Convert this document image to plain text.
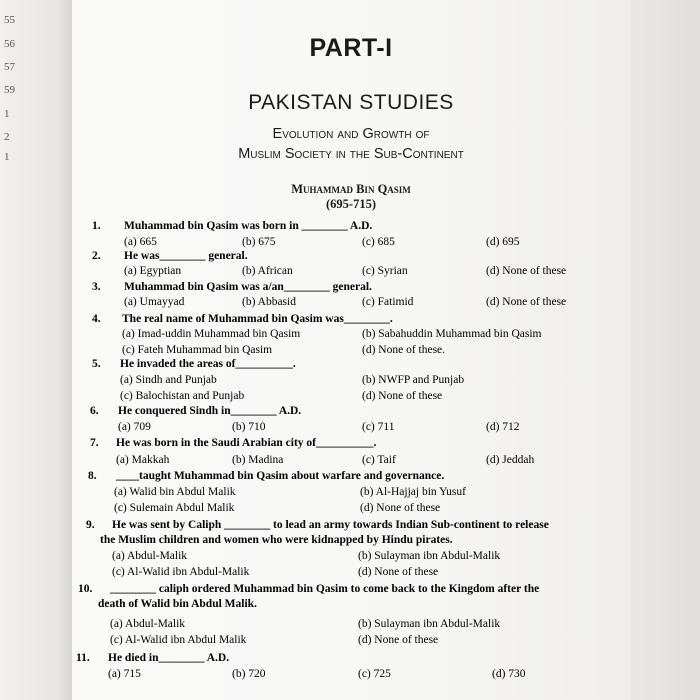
55
56
57
59
1
2
1
PART-I
PAKISTAN STUDIES
Evolution and Growth of
Muslim Society in the Sub-Continent
Muhammad Bin Qasim
(695-715)
1. Muhammad bin Qasim was born in ________ A.D.
(a) 665	(b) 675	(c) 685	(d) 695
2. He was________ general.
(a) Egyptian	(b) African	(c) Syrian	(d) None of these
3. Muhammad bin Qasim was a/an________ general.
(a) Umayyad	(b) Abbasid	(c) Fatimid	(d) None of these
4. The real name of Muhammad bin Qasim was________.
(a) Imad-uddin Muhammad bin Qasim	(b) Sabahuddin Muhammad bin Qasim
(c) Fateh Muhammad bin Qasim	(d) None of these.
5. He invaded the areas of__________.
(a) Sindh and Punjab	(b) NWFP and Punjab
(c) Balochistan and Punjab	(d) None of these
6. He conquered Sindh in________ A.D.
(a) 709	(b) 710	(c) 711	(d) 712
7. He was born in the Saudi Arabian city of__________.
(a) Makkah	(b) Madina	(c) Taif	(d) Jeddah
8. ____taught Muhammad bin Qasim about warfare and governance.
(a) Walid bin Abdul Malik	(b) Al-Hajjaj bin Yusuf
(c) Sulemain Abdul Malik	(d) None of these
9. He was sent by Caliph ________ to lead an army towards Indian Sub-continent to release
the Muslim children and women who were kidnapped by Hindu pirates.
(a) Abdul-Malik	(b) Sulayman ibn Abdul-Malik
(c) Al-Walid ibn Abdul-Malik	(d) None of these
10. ________ caliph ordered Muhammad bin Qasim to come back to the Kingdom after the
death of Walid bin Abdul Malik.
(a) Abdul-Malik	(b) Sulayman ibn Abdul-Malik
(c) Al-Walid ibn Abdul Malik	(d) None of these
11. He died in________ A.D.
(a) 715	(b) 720	(c) 725	(d) 730
